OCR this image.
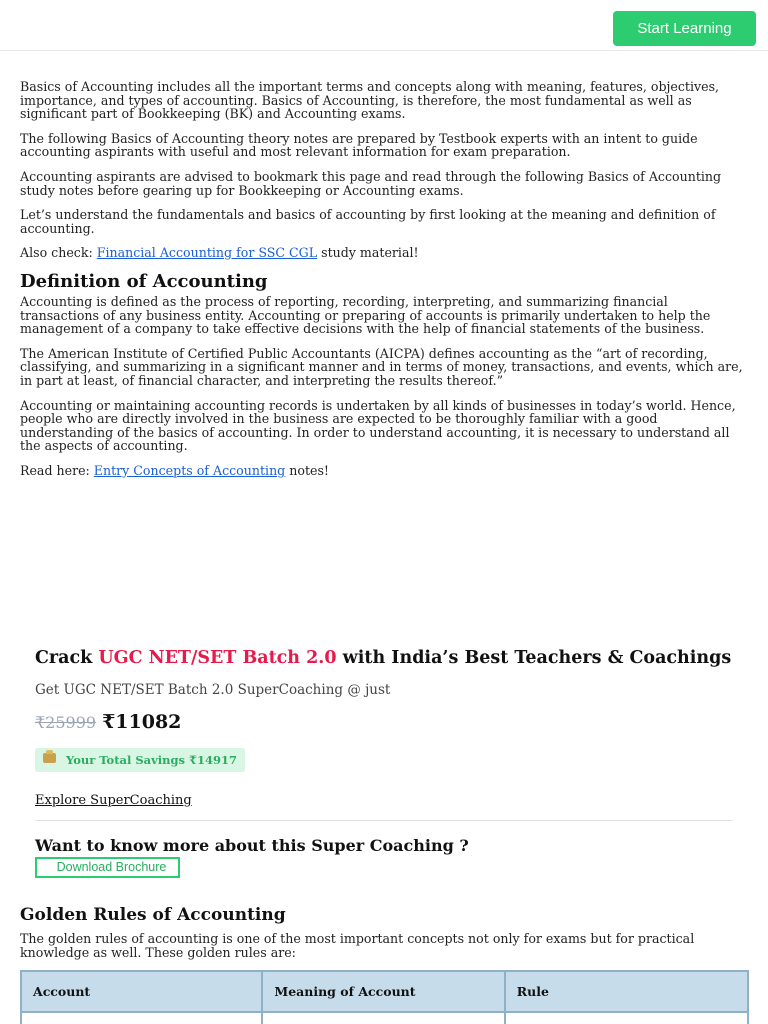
Start Learning

Basics of Accounting includes all the important terms and concepts along with meaning, features, objectives, importance, and types of accounting. Basics of Accounting, is therefore, the most fundamental as well as significant part of Bookkeeping (BK) and Accounting exams.

The following Basics of Accounting theory notes are prepared by Testbook experts with an intent to guide accounting aspirants with useful and most relevant information for exam preparation.

Accounting aspirants are advised to bookmark this page and read through the following Basics of Accounting study notes before gearing up for Bookkeeping or Accounting exams.

Let’s understand the fundamentals and basics of accounting by first looking at the meaning and definition of accounting.

Also check: Financial Accounting for SSC CGL study material!

Definition of Accounting

Accounting is defined as the process of reporting, recording, interpreting, and summarizing financial transactions of any business entity. Accounting or preparing of accounts is primarily undertaken to help the management of a company to take effective decisions with the help of financial statements of the business.

The American Institute of Certified Public Accountants (AICPA) defines accounting as the “art of recording, classifying, and summarizing in a significant manner and in terms of money, transactions, and events, which are, in part at least, of financial character, and interpreting the results thereof.”

Accounting or maintaining accounting records is undertaken by all kinds of businesses in today’s world. Hence, people who are directly involved in the business are expected to be thoroughly familiar with a good understanding of the basics of accounting. In order to understand accounting, it is necessary to understand all the aspects of accounting.

Read here: Entry Concepts of Accounting notes!

Crack UGC NET/SET Batch 2.0 with India’s Best Teachers & Coachings
Get UGC NET/SET Batch 2.0 SuperCoaching @ just
₹25999 ₹11082
Your Total Savings ₹14917
Explore SuperCoaching
Want to know more about this Super Coaching ?
Download Brochure
Golden Rules of Accounting

The golden rules of accounting is one of the most important concepts not only for exams but for practical knowledge as well. These golden rules are:

Account	Meaning of Account	Rule
